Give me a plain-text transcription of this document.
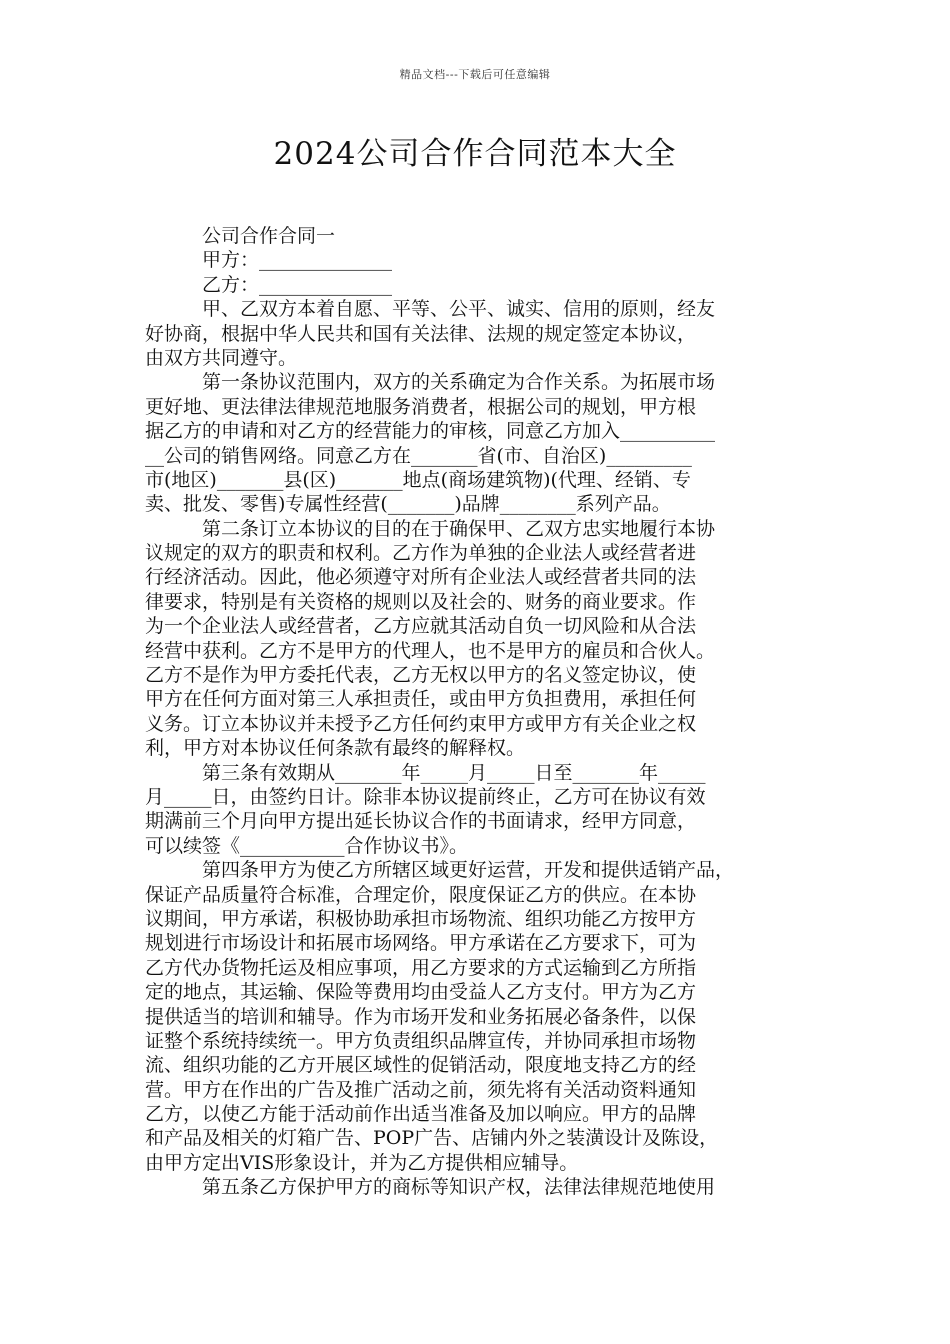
精品文档---下载后可任意编辑
2024公司合作合同范本大全
公司合作合同一
甲方：______________
乙方：______________
甲、乙双方本着自愿、平等、公平、诚实、信用的原则，经友
好协商，根据中华人民共和国有关法律、法规的规定签定本协议，
由双方共同遵守。
第一条协议范围内，双方的关系确定为合作关系。为拓展市场
更好地、更法律法律规范地服务消费者，根据公司的规划，甲方根
据乙方的申请和对乙方的经营能力的审核，同意乙方加入__________
__公司的销售网络。同意乙方在_______省(市、自治区)_________
市(地区)_______县(区)_______地点(商场建筑物)(代理、经销、专
卖、批发、零售)专属性经营(_______)品牌________系列产品。
第二条订立本协议的目的在于确保甲、乙双方忠实地履行本协
议规定的双方的职责和权利。乙方作为单独的企业法人或经营者进
行经济活动。因此，他必须遵守对所有企业法人或经营者共同的法
律要求，特别是有关资格的规则以及社会的、财务的商业要求。作
为一个企业法人或经营者，乙方应就其活动自负一切风险和从合法
经营中获利。乙方不是甲方的代理人，也不是甲方的雇员和合伙人。
乙方不是作为甲方委托代表，乙方无权以甲方的名义签定协议，使
甲方在任何方面对第三人承担责任，或由甲方负担费用，承担任何
义务。订立本协议并未授予乙方任何约束甲方或甲方有关企业之权
利，甲方对本协议任何条款有最终的解释权。
第三条有效期从_______年_____月_____日至_______年_____
月_____日，由签约日计。除非本协议提前终止，乙方可在协议有效
期满前三个月向甲方提出延长协议合作的书面请求，经甲方同意，
可以续签《___________合作协议书》。
第四条甲方为使乙方所辖区域更好运营，开发和提供适销产品，
保证产品质量符合标准，合理定价，限度保证乙方的供应。在本协
议期间，甲方承诺，积极协助承担市场物流、组织功能乙方按甲方
规划进行市场设计和拓展市场网络。甲方承诺在乙方要求下，可为
乙方代办货物托运及相应事项，用乙方要求的方式运输到乙方所指
定的地点，其运输、保险等费用均由受益人乙方支付。甲方为乙方
提供适当的培训和辅导。作为市场开发和业务拓展必备条件，以保
证整个系统持续统一。甲方负责组织品牌宣传，并协同承担市场物
流、组织功能的乙方开展区域性的促销活动，限度地支持乙方的经
营。甲方在作出的广告及推广活动之前，须先将有关活动资料通知
乙方，以使乙方能于活动前作出适当准备及加以响应。甲方的品牌
和产品及相关的灯箱广告、POP广告、店铺内外之装潢设计及陈设，
由甲方定出VIS形象设计，并为乙方提供相应辅导。
第五条乙方保护甲方的商标等知识产权，法律法律规范地使用
